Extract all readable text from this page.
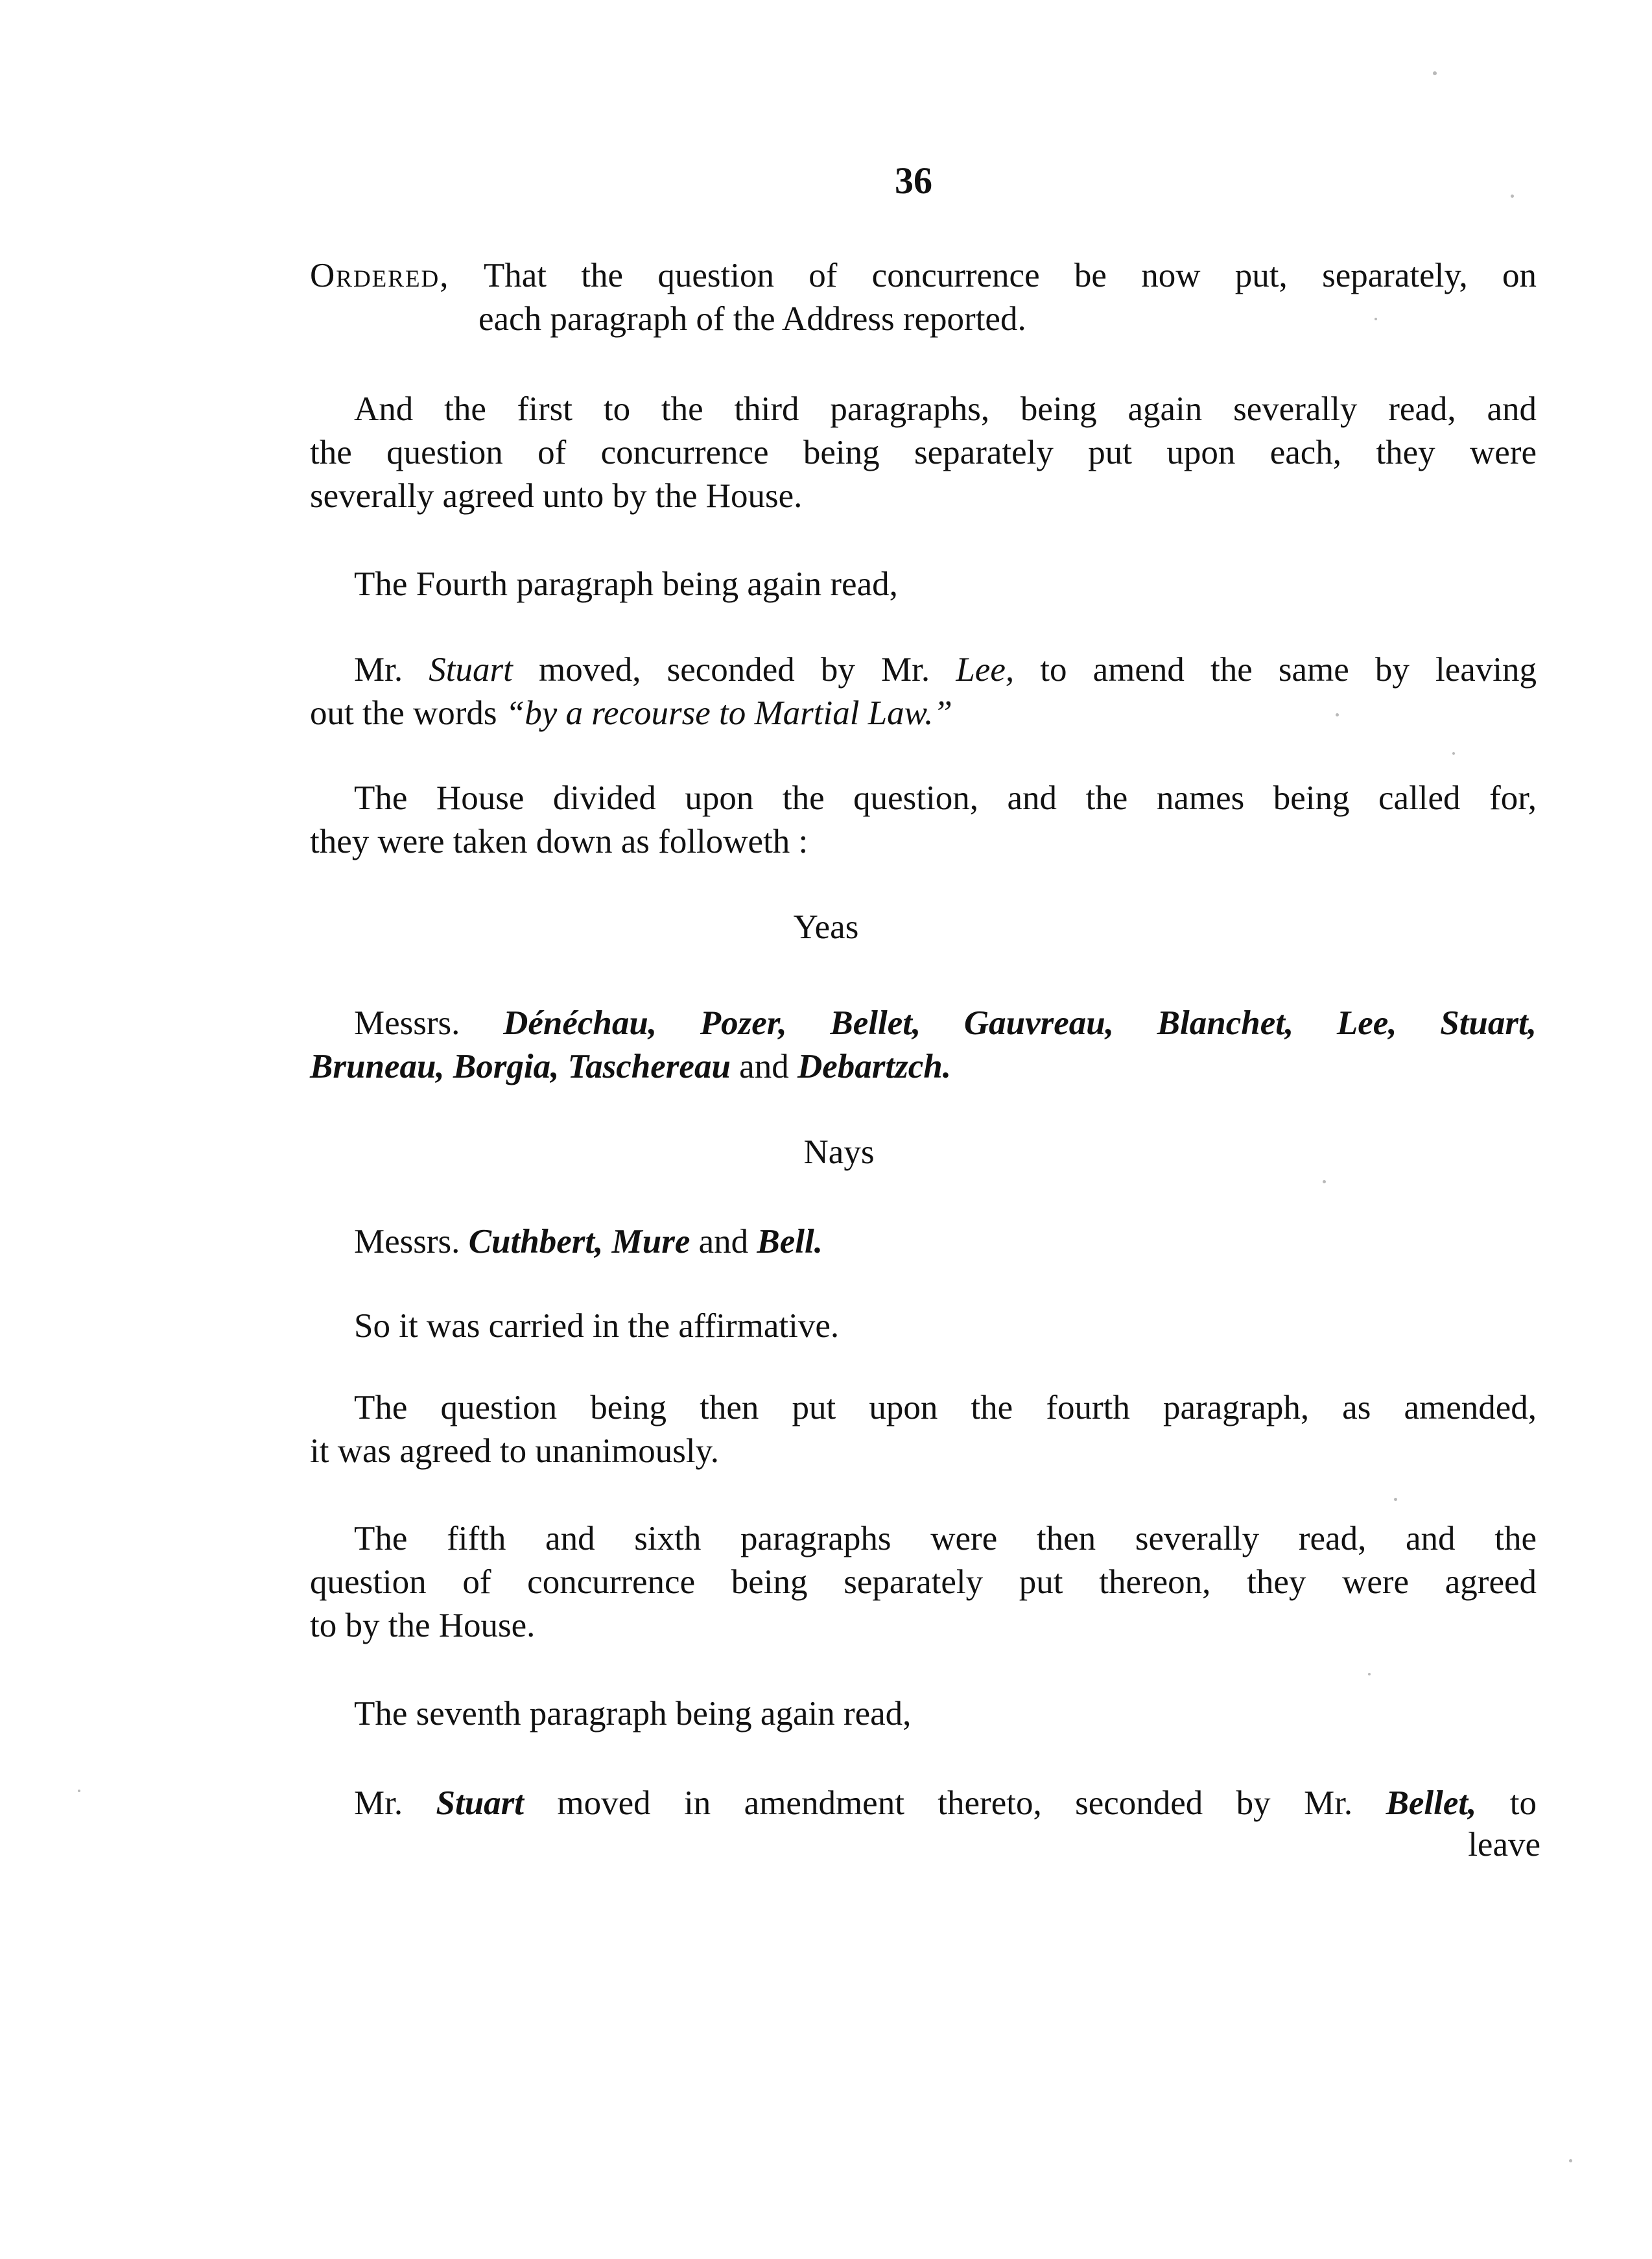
36

Ordered, That the question of concurrence be now put, separately, on
each paragraph of the Address reported.
And the first to the third paragraphs, being again severally read, and
the question of concurrence being separately put upon each, they were
severally agreed unto by the House.
The Fourth paragraph being again read,
Mr. Stuart moved, seconded by Mr. Lee, to amend the same by leaving
out the words “by a recourse to Martial Law.”
The House divided upon the question, and the names being called for,
they were taken down as followeth :

Yeas

Messrs. Dénéchau, Pozer, Bellet, Gauvreau, Blanchet, Lee, Stuart,
Bruneau, Borgia, Taschereau and Debartzch.

Nays

Messrs. Cuthbert, Mure and Bell.
So it was carried in the affirmative.
The question being then put upon the fourth paragraph, as amended,
it was agreed to unanimously.
The fifth and sixth paragraphs were then severally read, and the
question of concurrence being separately put thereon, they were agreed
to by the House.
The seventh paragraph being again read,
Mr. Stuart moved in amendment thereto, seconded by Mr. Bellet, to

leave
